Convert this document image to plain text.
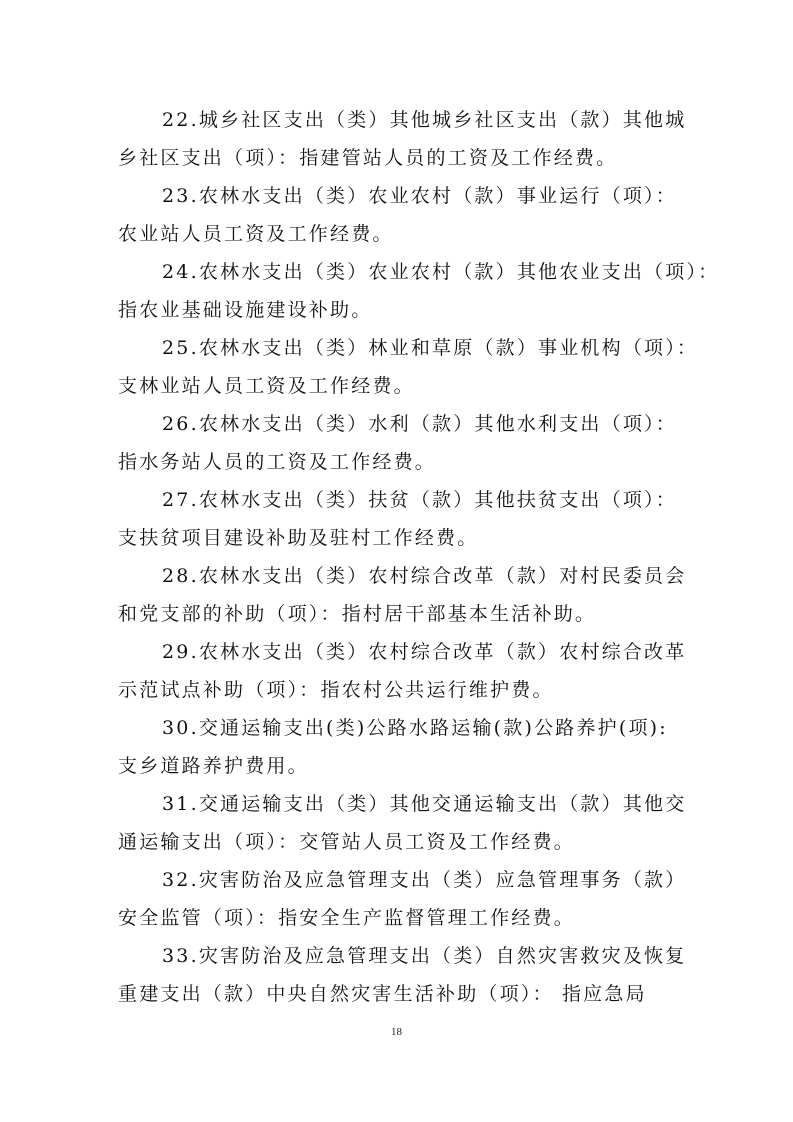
22.城乡社区支出（类）其他城乡社区支出（款）其他城
乡社区支出（项）：指建管站人员的工资及工作经费。

23.农林水支出（类）农业农村（款）事业运行（项）：
农业站人员工资及工作经费。

24.农林水支出（类）农业农村（款）其他农业支出（项）：
指农业基础设施建设补助。

25.农林水支出（类）林业和草原（款）事业机构（项）：
支林业站人员工资及工作经费。

26.农林水支出（类）水利（款）其他水利支出（项）：
指水务站人员的工资及工作经费。

27.农林水支出（类）扶贫（款）其他扶贫支出（项）：
支扶贫项目建设补助及驻村工作经费。

28.农林水支出（类）农村综合改革（款）对村民委员会
和党支部的补助（项）：指村居干部基本生活补助。

29.农林水支出（类）农村综合改革（款）农村综合改革
示范试点补助（项）：指农村公共运行维护费。

30.交通运输支出(类)公路水路运输(款)公路养护(项):
支乡道路养护费用。

31.交通运输支出（类）其他交通运输支出（款）其他交
通运输支出（项）：交管站人员工资及工作经费。

32.灾害防治及应急管理支出（类）应急管理事务（款）
安全监管（项）：指安全生产监督管理工作经费。

33.灾害防治及应急管理支出（类）自然灾害救灾及恢复
重建支出（款）中央自然灾害生活补助（项）： 指应急局

18
